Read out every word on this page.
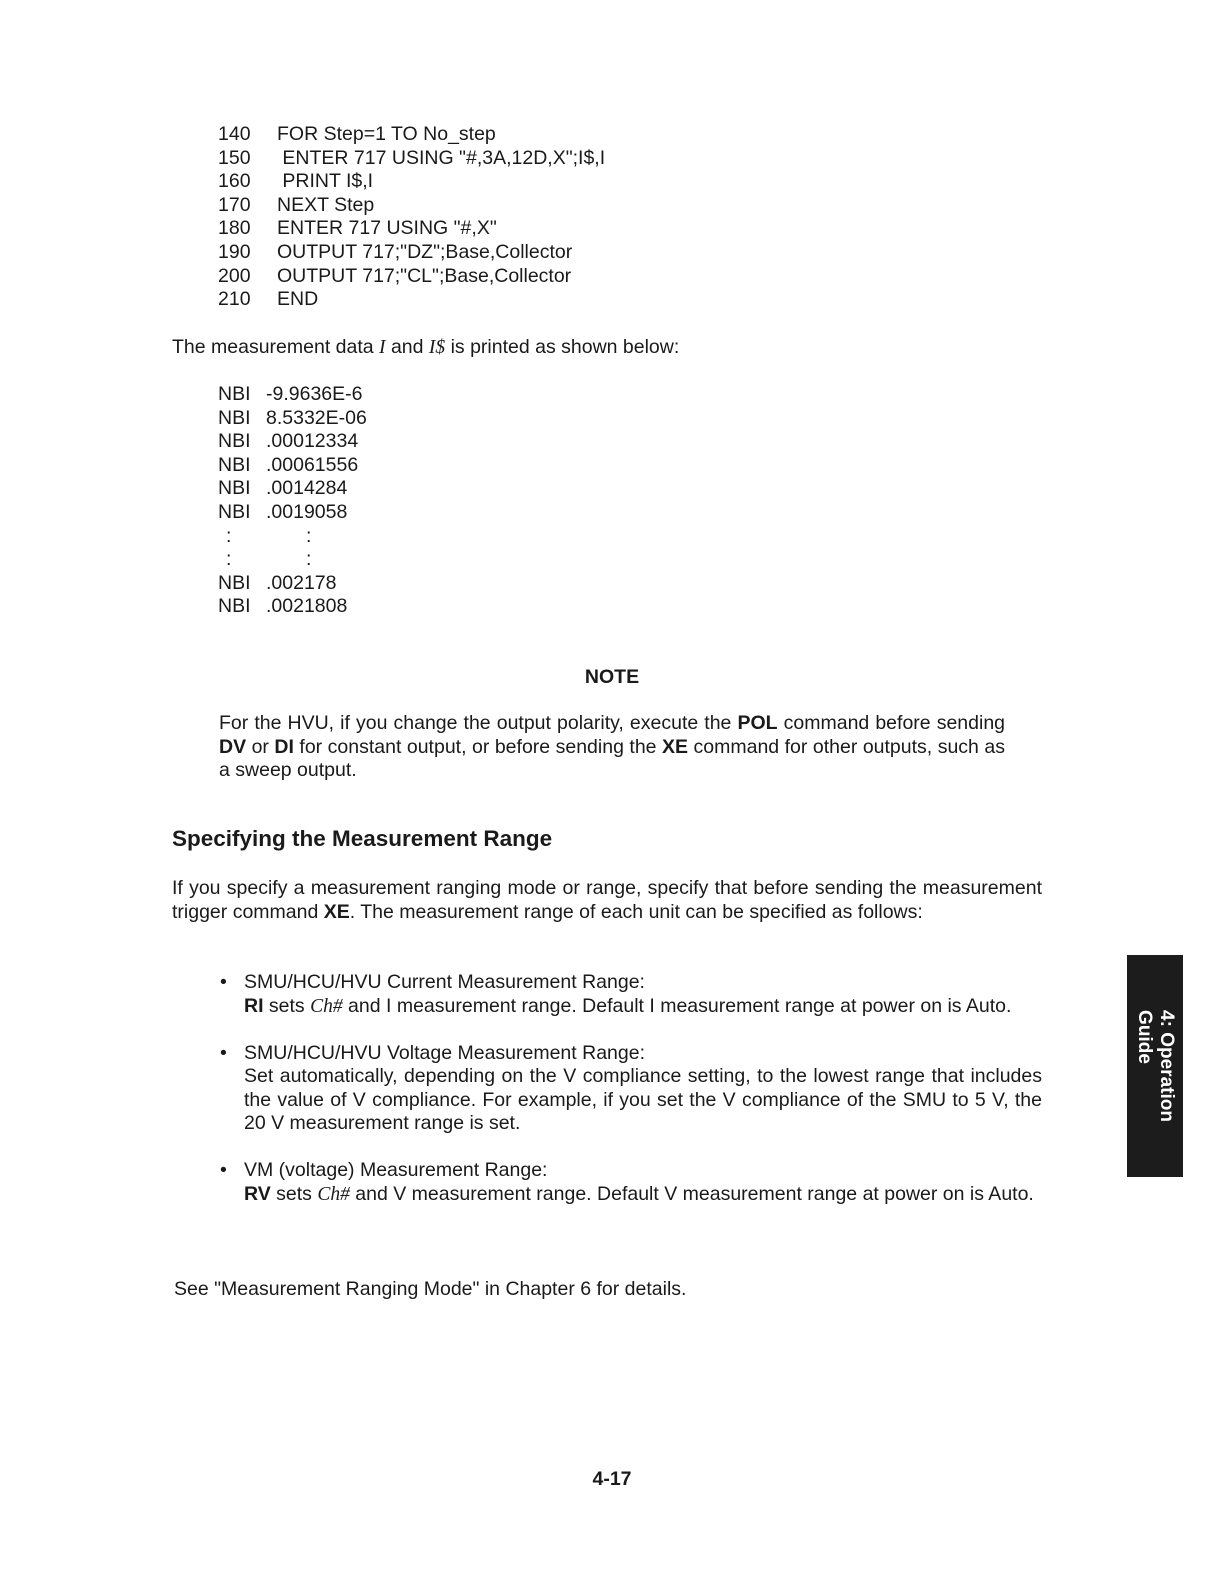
140	FOR Step=1 TO No_step
150	ENTER 717 USING "#,3A,12D,X";I$,I
160	PRINT I$,I
170	NEXT Step
180	ENTER 717 USING "#,X"
190	OUTPUT 717;"DZ";Base,Collector
200	OUTPUT 717;"CL";Base,Collector
210	END
The measurement data I and I$ is printed as shown below:
NBI -9.9636E-6
NBI 8.5332E-06
NBI .00012334
NBI .00061556
NBI .0014284
NBI .0019058
:	:
:	:
NBI .002178
NBI .0021808
NOTE
For the HVU, if you change the output polarity, execute the POL command before sending DV or DI for constant output, or before sending the XE command for other outputs, such as a sweep output.
Specifying the Measurement Range
If you specify a measurement ranging mode or range, specify that before sending the measurement trigger command XE. The measurement range of each unit can be specified as follows:
• SMU/HCU/HVU Current Measurement Range:
RI sets Ch# and I measurement range. Default I measurement range at power on is Auto.
• SMU/HCU/HVU Voltage Measurement Range:
Set automatically, depending on the V compliance setting, to the lowest range that includes the value of V compliance. For example, if you set the V compliance of the SMU to 5 V, the 20 V measurement range is set.
• VM (voltage) Measurement Range:
RV sets Ch# and V measurement range. Default V measurement range at power on is Auto.
See "Measurement Ranging Mode" in Chapter 6 for details.
4-17
4: Operation
Guide
